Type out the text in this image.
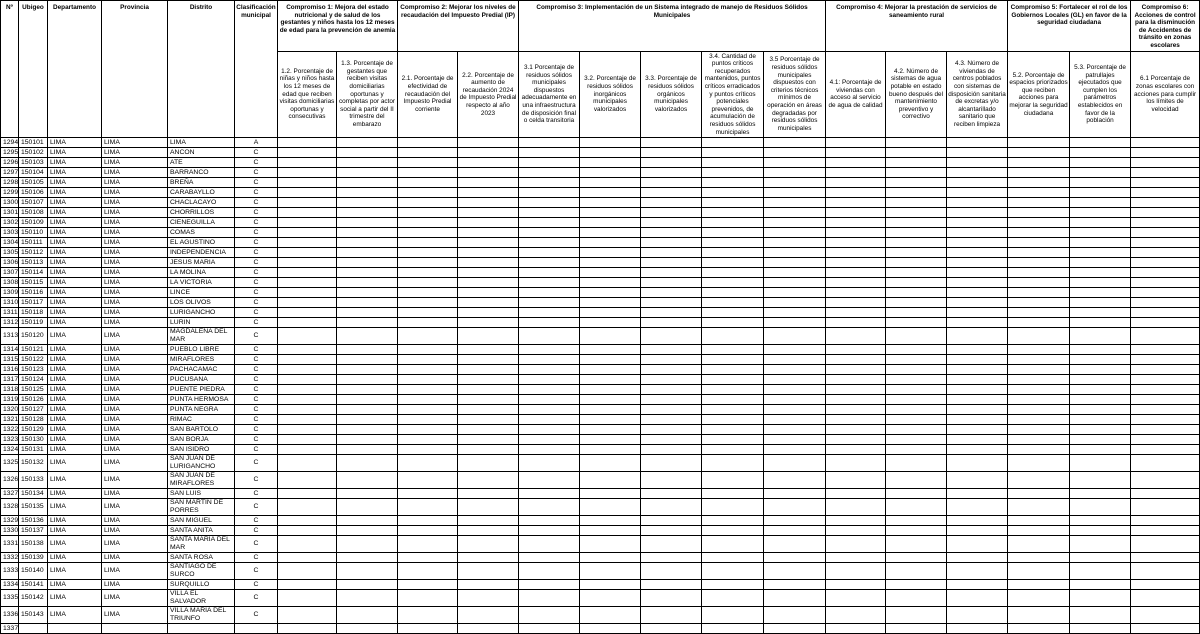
Nº	Ubigeo	Departamento	Provincia	Distrito	Clasificación municipal	Compromiso 1: Mejora del estado nutricional y de salud de los gestantes y niños hasta los 12 meses de edad para la prevención de anemia		Compromiso 2: Mejorar los niveles de recaudación del Impuesto Predial (IP)		Compromiso 3: Implementación de un Sistema integrado de manejo de Residuos Sólidos Municipales					Compromiso 4: Mejorar la prestación de servicios de saneamiento rural			Compromiso 5: Fortalecer el rol de los Gobiernos Locales (GL) en favor de la seguridad ciudadana		Compromiso 6: Acciones de control para la disminución de Accidentes de tránsito en zonas escolares
						1.2. Porcentaje de niñas y niños hasta los 12 meses de edad que reciben visitas domiciliarias oportunas y consecutivas	1.3. Porcentaje de gestantes que reciben visitas domiciliarias oportunas y completas por actor social a partir del II trimestre del embarazo	2.1. Porcentaje de efectividad de recaudación del Impuesto Predial corriente	2.2. Porcentaje de aumento de recaudación 2024 de Impuesto Predial respecto al año 2023	3.1 Porcentaje de residuos sólidos municipales dispuestos adecuadamente en una infraestructura de disposición final o celda transitoria	3.2. Porcentaje de residuos sólidos inorgánicos municipales valorizados	3.3. Porcentaje de residuos sólidos orgánicos municipales valorizados	3.4. Cantidad de puntos críticos recuperados mantenidos, puntos críticos erradicados y puntos críticos potenciales prevenidos, de acumulación de residuos sólidos municipales	3.5 Porcentaje de residuos sólidos municipales dispuestos con criterios técnicos mínimos de operación en áreas degradadas por residuos sólidos municipales	4.1: Porcentaje de viviendas con acceso al servicio de agua de calidad	4.2. Número de sistemas de agua potable en estado bueno después del mantenimiento preventivo y correctivo	4.3. Número de viviendas de centros poblados con sistemas de disposición sanitaria de excretas y/o alcantarillado sanitario que reciben limpieza	5.2. Porcentaje de espacios priorizados que reciben acciones para mejorar la seguridad ciudadana	5.3. Porcentaje de patrullajes ejecutados que cumplen los parámetros establecidos en favor de la población	6.1 Porcentaje de zonas escolares con acciones para cumplir los límites de velocidad
1294	150101	LIMA	LIMA	LIMA	A															
1295	150102	LIMA	LIMA	ANCON	C															
1296	150103	LIMA	LIMA	ATE	C															
1297	150104	LIMA	LIMA	BARRANCO	C															
1298	150105	LIMA	LIMA	BREÑA	C															
1299	150106	LIMA	LIMA	CARABAYLLO	C															
1300	150107	LIMA	LIMA	CHACLACAYO	C															
1301	150108	LIMA	LIMA	CHORRILLOS	C															
1302	150109	LIMA	LIMA	CIENEGUILLA	C															
1303	150110	LIMA	LIMA	COMAS	C															
1304	150111	LIMA	LIMA	EL AGUSTINO	C															
1305	150112	LIMA	LIMA	INDEPENDENCIA	C															
1306	150113	LIMA	LIMA	JESUS MARIA	C															
1307	150114	LIMA	LIMA	LA MOLINA	C															
1308	150115	LIMA	LIMA	LA VICTORIA	C															
1309	150116	LIMA	LIMA	LINCE	C															
1310	150117	LIMA	LIMA	LOS OLIVOS	C															
1311	150118	LIMA	LIMA	LURIGANCHO	C															
1312	150119	LIMA	LIMA	LURIN	C															
1313	150120	LIMA	LIMA	MAGDALENA DEL MAR	C															
1314	150121	LIMA	LIMA	PUEBLO LIBRE	C															
1315	150122	LIMA	LIMA	MIRAFLORES	C															
1316	150123	LIMA	LIMA	PACHACAMAC	C															
1317	150124	LIMA	LIMA	PUCUSANA	C															
1318	150125	LIMA	LIMA	PUENTE PIEDRA	C															
1319	150126	LIMA	LIMA	PUNTA HERMOSA	C															
1320	150127	LIMA	LIMA	PUNTA NEGRA	C															
1321	150128	LIMA	LIMA	RIMAC	C															
1322	150129	LIMA	LIMA	SAN BARTOLO	C															
1323	150130	LIMA	LIMA	SAN BORJA	C															
1324	150131	LIMA	LIMA	SAN ISIDRO	C															
1325	150132	LIMA	LIMA	SAN JUAN DE LURIGANCHO	C															
1326	150133	LIMA	LIMA	SAN JUAN DE MIRAFLORES	C															
1327	150134	LIMA	LIMA	SAN LUIS	C															
1328	150135	LIMA	LIMA	SAN MARTIN DE PORRES	C															
1329	150136	LIMA	LIMA	SAN MIGUEL	C															
1330	150137	LIMA	LIMA	SANTA ANITA	C															
1331	150138	LIMA	LIMA	SANTA MARIA DEL MAR	C															
1332	150139	LIMA	LIMA	SANTA ROSA	C															
1333	150140	LIMA	LIMA	SANTIAGO DE SURCO	C															
1334	150141	LIMA	LIMA	SURQUILLO	C															
1335	150142	LIMA	LIMA	VILLA EL SALVADOR	C															
1336	150143	LIMA	LIMA	VILLA MARIA DEL TRIUNFO	C															
1337																				
